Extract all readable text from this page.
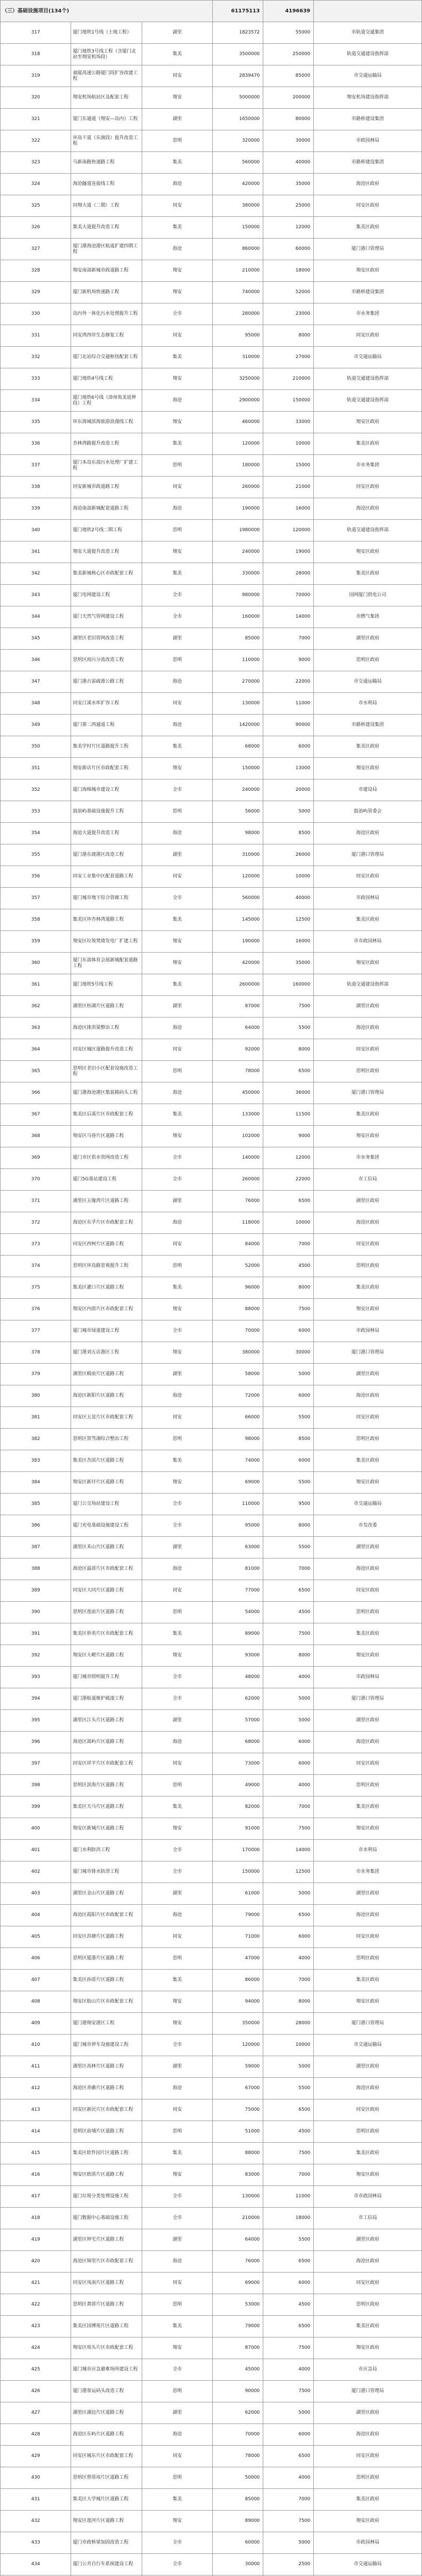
（三）基础设施项目(134个)			61175113	4196639	
317	厦门地铁1号线（土地工程）	湖里	1823572	55000	市轨道交通集团
318	厦门地铁3号线工程（含厦门北站至翔安机场段）	集美	3500000	250000	轨道交通建设指挥部
319	福厦高速公路厦门段扩容改建工程	同安	2839470	85000	市交通运输局
320	翔安机场航站区及配套工程	翔安	5000000	200000	翔安机场建设指挥部
321	厦门东通道（翔安—岛内）工程	湖里	1650000	80000	市路桥建设集团
322	环岛干道（东渡段）提升改造工程	思明	320000	30000	市政园林局
323	马新南路快速路工程	集美	560000	40000	市路桥建设集团
324	海沧隧道连接线工程	海沧	420000	35000	海沧区政府
325	同翔大道（二期）工程	同安	380000	25000	同安区政府
326	集美大道提升改造工程	集美	150000	12000	集美区政府
327	厦门港海沧港区航道扩建四期工程	海沧	860000	60000	厦门港口管理局
328	翔安南部新城市政道路工程	翔安	210000	18000	翔安区政府
329	厦门新机场快速路工程	翔安	740000	52000	市路桥建设集团
330	岛内外一体化污水处理提升工程	全市	280000	23000	市水务集团
331	同安湾西岸生态修复工程	同安	95000	8000	同安区政府
332	厦门北站综合交通枢纽配套工程	集美	310000	27000	市交通运输局
333	厦门地铁4号线工程	翔安	3250000	210000	轨道交通建设指挥部
334	厦门地铁6号线（漳州角美延伸段）工程	海沧	2900000	150000	轨道交通建设指挥部
335	环东海域滨海旅游浪漫线工程	翔安	460000	33000	翔安区政府
336	杏林湾路提升改造工程	集美	120000	10000	集美区政府
337	厦门本岛东部污水处理厂扩建工程	思明	180000	15000	市水务集团
338	同安新城市政道路工程	同安	260000	21000	同安区政府
339	海沧南部新城配套道路工程	海沧	190000	16000	海沧区政府
340	厦门地铁2号线二期工程	思明	1980000	120000	轨道交通建设指挥部
341	翔安大道提升改造工程	翔安	240000	19000	翔安区政府
342	集美新城核心区市政配套工程	集美	330000	28000	集美区政府
343	厦门电网建设工程	全市	980000	70000	国网厦门供电公司
344	厦门天然气管网建设工程	全市	160000	14000	市燃气集团
345	湖里区老旧管网改造工程	湖里	85000	7000	湖里区政府
346	思明区雨污分流改造工程	思明	110000	9000	思明区政府
347	厦门港古雷疏港公路工程	海沧	270000	22000	市交通运输局
348	同安汀溪水库扩容工程	同安	130000	11000	市水利局
349	厦门第二西通道工程	海沧	1420000	90000	市路桥建设集团
350	集美学村片区道路提升工程	集美	68000	6000	集美区政府
351	翔安新店片区市政配套工程	翔安	150000	13000	翔安区政府
352	厦门海绵城市建设工程	全市	240000	20000	市建设局
353	鼓浪屿基础设施提升工程	思明	56000	5000	鼓浪屿管委会
354	海沧大道提升改造工程	海沧	98000	8500	海沧区政府
355	厦门港东渡港区改造工程	湖里	310000	26000	厦门港口管理局
356	同安工业集中区配套道路工程	同安	120000	10000	同安区政府
357	厦门城市地下综合管廊工程	全市	560000	40000	市政园林局
358	集美区环杏林湾道路工程	集美	145000	12500	集美区政府
359	翔安区垃圾焚烧发电厂扩建工程	翔安	190000	16000	市市政园林局
360	厦门东部体育会展新城配套道路工程	翔安	420000	35000	翔安区政府
361	厦门地铁5号线工程	集美	2600000	160000	轨道交通建设指挥部
362	湖里区枋湖片区道路工程	湖里	87000	7500	湖里区政府
363	海沧区排洪渠整治工程	海沧	64000	5500	海沧区政府
364	同安区城区道路提升改造工程	同安	92000	8000	同安区政府
365	思明区老旧小区配套设施改造工程	思明	78000	6500	思明区政府
366	厦门港海沧港区集装箱码头工程	海沧	450000	36000	厦门港口管理局
367	集美区后溪片区市政配套工程	集美	133000	11500	集美区政府
368	翔安区马巷片区道路工程	翔安	102000	9000	翔安区政府
369	厦门市区供水管网改造工程	全市	140000	12000	市水务集团
370	厦门5G基站建设工程	全市	260000	22000	市工信局
371	湖里区五缘湾片区道路工程	湖里	76000	6500	湖里区政府
372	海沧区东孚片区市政配套工程	海沧	118000	10000	海沧区政府
373	同安区西柯片区道路工程	同安	84000	7000	同安区政府
374	思明区环岛路景观提升工程	思明	52000	4500	思明区政府
375	集美区灌口片区道路工程	集美	96000	8000	集美区政府
376	翔安区内厝片区市政配套工程	翔安	88000	7500	翔安区政府
377	厦门城市绿道建设工程	全市	70000	6000	市政园林局
378	厦门港刘五店港区工程	翔安	380000	30000	厦门港口管理局
379	湖里区殿前片区道路工程	湖里	58000	5000	湖里区政府
380	海沧区新阳片区道路工程	海沧	72000	6000	海沧区政府
381	同安区五显片区市政配套工程	同安	66000	5500	同安区政府
382	思明区筼筜湖综合整治工程	思明	98000	8500	思明区政府
383	集美区杏滨片区道路工程	集美	74000	6000	集美区政府
384	翔安区新圩片区道路工程	翔安	69000	5500	翔安区政府
385	厦门公交场站建设工程	全市	110000	9500	市交通运输局
386	厦门充电基础设施建设工程	全市	95000	8000	市发改委
387	湖里区禾山片区道路工程	湖里	63000	5500	湖里区政府
388	海沧区温厝片区市政配套工程	海沧	81000	7000	海沧区政府
389	同安区大同片区道路工程	同安	77000	6500	同安区政府
390	思明区莲前片区道路工程	思明	54000	4500	思明区政府
391	集美区侨英片区市政配套工程	集美	89000	7500	集美区政府
392	翔安区大嶝片区道路工程	翔安	93000	8000	翔安区政府
393	厦门城市照明提升工程	全市	48000	4000	市政园林局
394	厦门港航道维护疏浚工程	全市	62000	5000	厦门港口管理局
395	湖里区江头片区道路工程	湖里	57000	5000	湖里区政府
396	海沧区嵩屿片区道路工程	海沧	68000	6000	海沧区政府
397	同安区祥平片区市政配套工程	同安	73000	6000	同安区政府
398	思明区滨海片区道路工程	思明	49000	4000	思明区政府
399	集美区天马片区道路工程	集美	82000	7000	集美区政府
400	翔安区新城片区道路工程	翔安	91000	7500	翔安区政府
401	厦门水利防洪工程	全市	170000	14000	市水利局
402	厦门城市排水防涝工程	全市	150000	12500	市水务集团
403	湖里区金山片区道路工程	湖里	61000	5000	湖里区政府
404	海沧区霞阳片区市政配套工程	海沧	79000	6500	海沧区政府
405	同安区洪塘片区道路工程	同安	71000	6000	同安区政府
406	思明区厦港片区道路工程	思明	47000	4000	思明区政府
407	集美区孙厝片区道路工程	集美	86000	7000	集美区政府
408	翔安区舫山片区市政配套工程	翔安	94000	8000	翔安区政府
409	厦门港翔安港区工程	翔安	350000	28000	厦门港口管理局
410	厦门城市停车设施建设工程	全市	120000	10000	市交通运输局
411	湖里区高林片区道路工程	湖里	59000	5000	湖里区政府
412	海沧区青礁片区道路工程	海沧	67000	5500	海沧区政府
413	同安区新民片区市政配套工程	同安	75000	6500	同安区政府
414	思明区前埔片区道路工程	思明	51000	4500	思明区政府
415	集美区软件园片区道路工程	集美	88000	7500	集美区政府
416	翔安区欧厝片区道路工程	翔安	83000	7000	翔安区政府
417	厦门垃圾分类处理设施工程	全市	130000	11000	市市政园林局
418	厦门数据中心基础设施工程	全市	210000	18000	市工信局
419	湖里区钟宅片区道路工程	湖里	64000	5500	湖里区政府
420	海沧区锦里片区市政配套工程	海沧	76000	6500	海沧区政府
421	同安区凤南片区道路工程	同安	69000	6000	同安区政府
422	思明区黄厝片区道路工程	思明	53000	4500	思明区政府
423	集美区园博苑片区道路工程	集美	79000	6500	集美区政府
424	翔安区琼头片区市政配套工程	翔安	87000	7500	翔安区政府
425	厦门城市应急避难场所建设工程	全市	45000	4000	市应急局
426	厦门港客运码头改造工程	思明	90000	7500	厦门港口管理局
427	湖里区湖边片区道路工程	湖里	62000	5000	湖里区政府
428	海沧区东屿片区道路工程	海沧	70000	6000	海沧区政府
429	同安区城东片区市政配套工程	同安	78000	6500	同安区政府
430	思明区曾厝垵片区道路工程	思明	50000	4000	思明区政府
431	集美区大学城片区道路工程	集美	85000	7000	集美区政府
432	翔安区莲河片区道路工程	翔安	89000	7500	翔安区政府
433	厦门市政桥梁加固改造工程	全市	60000	5000	市政园林局
434	厦门公共自行车系统建设工程	全市	30000	2500	市交通运输局
